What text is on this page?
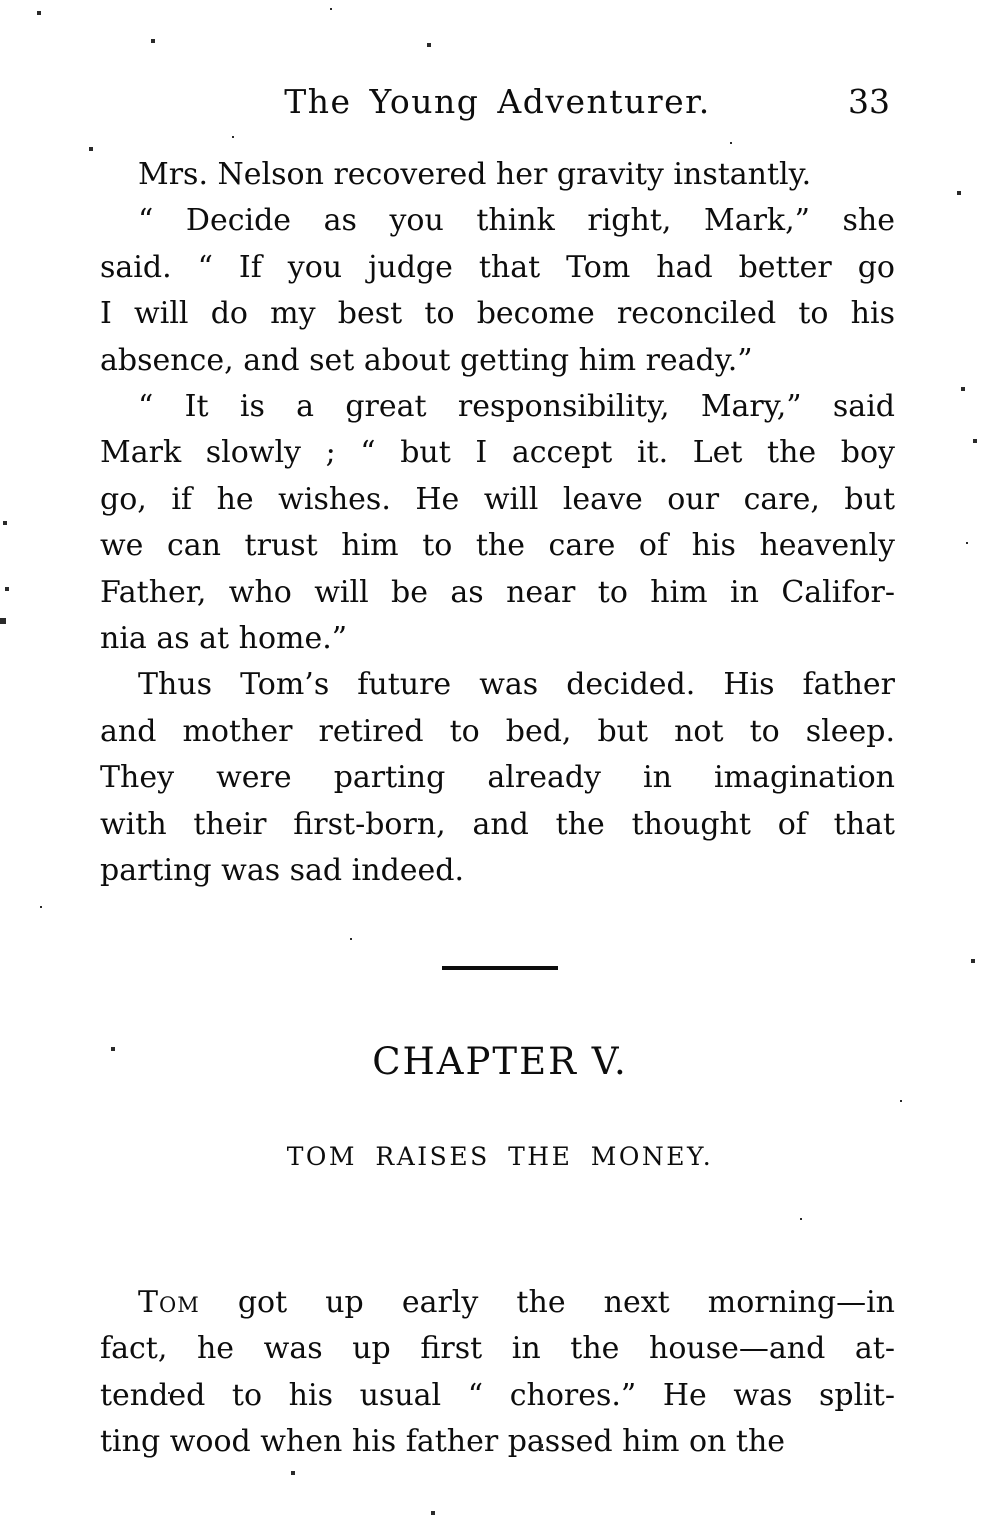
The Young Adventurer.	33
Mrs. Nelson recovered her gravity instantly.
“ Decide as you think right, Mark,” she
said. “ If you judge that Tom had better go
I will do my best to become reconciled to his
absence, and set about getting him ready.”
“ It is a great responsibility, Mary,” said
Mark slowly ; “ but I accept it. Let the boy
go, if he wishes. He will leave our care, but
we can trust him to the care of his heavenly
Father, who will be as near to him in Califor-
nia as at home.”
Thus Tom’s future was decided. His father
and mother retired to bed, but not to sleep.
They were parting already in imagination
with their first-born, and the thought of that
parting was sad indeed.
CHAPTER V.
TOM RAISES THE MONEY.
Tom got up early the next morning—in
fact, he was up first in the house—and at-
tended to his usual “ chores.” He was split-
ting wood when his father passed him on the
